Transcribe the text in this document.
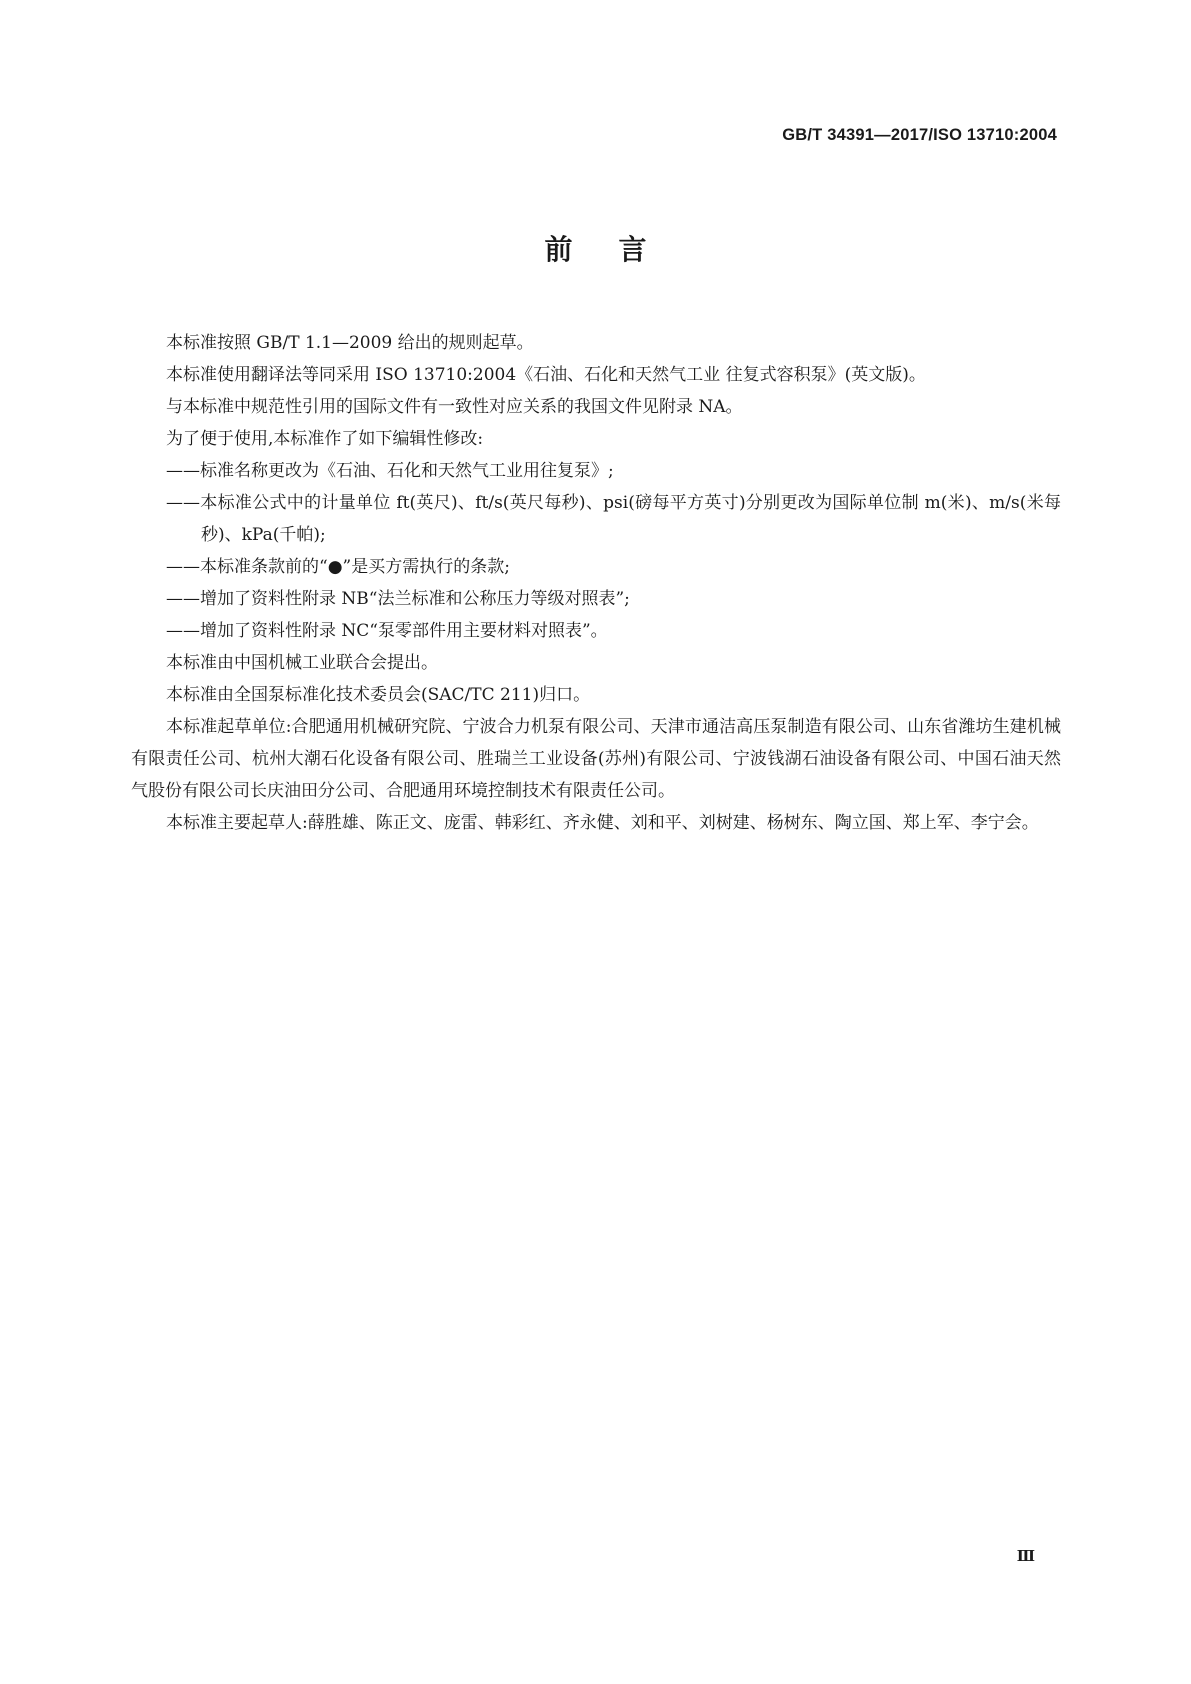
GB/T 34391—2017/ISO 13710:2004
前言

本标准按照 GB/T 1.1—2009 给出的规则起草。

本标准使用翻译法等同采用 ISO 13710:2004《石油、石化和天然气工业 往复式容积泵》(英文版)。

与本标准中规范性引用的国际文件有一致性对应关系的我国文件见附录 NA。

为了便于使用,本标准作了如下编辑性修改:

——标准名称更改为《石油、石化和天然气工业用往复泵》;

——本标准公式中的计量单位 ft(英尺)、ft/s(英尺每秒)、psi(磅每平方英寸)分别更改为国际单位制 m(米)、m/s(米每秒)、kPa(千帕);

——本标准条款前的“●”是买方需执行的条款;

——增加了资料性附录 NB“法兰标准和公称压力等级对照表”;

——增加了资料性附录 NC“泵零部件用主要材料对照表”。

本标准由中国机械工业联合会提出。

本标准由全国泵标准化技术委员会(SAC/TC 211)归口。

本标准起草单位:合肥通用机械研究院、宁波合力机泵有限公司、天津市通洁高压泵制造有限公司、山东省潍坊生建机械有限责任公司、杭州大潮石化设备有限公司、胜瑞兰工业设备(苏州)有限公司、宁波钱湖石油设备有限公司、中国石油天然气股份有限公司长庆油田分公司、合肥通用环境控制技术有限责任公司。

本标准主要起草人:薛胜雄、陈正文、庞雷、韩彩红、齐永健、刘和平、刘树建、杨树东、陶立国、郑上军、李宁会。

Ⅲ
